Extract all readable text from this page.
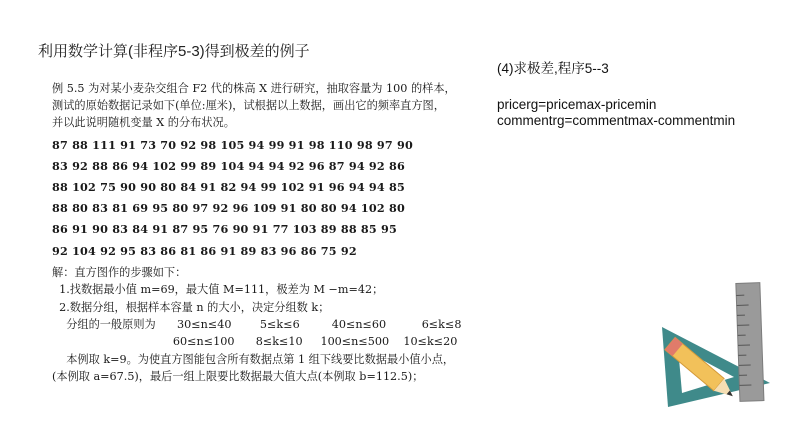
利用数学计算(非程序5-3)得到极差的例子
(4)求极差,程序5--3
pricerg=pricemax-pricemin
commentrg=commentmax-commentmin

例 5.5 为对某小麦杂交组合 F2 代的株高 X 进行研究，抽取容量为 100 的样本，

测试的原始数据记录如下(单位:厘米)，试根据以上数据，画出它的频率直方图，

并以此说明随机变量 X 的分布状况。

87 88 111 91 73 70 92 98 105 94 99 91 98 110 98 97 90

83 92 88 86 94 102 99 89 104 94 94 92 96 87 94 92 86

88 102 75 90 90 80 84 91 82 94 99 102 91 96 94 94 85

88 80 83 81 69 95 80 97 92 96 109 91 80 80 94 102 80

86 91 90 83 84 91 87 95 76 90 91 77 103 89 88 85 95

92 104 92 95 83 86 81 86 91 89 83 96 86 75 92

解：直方图作的步骤如下：

1.找数据最小值 m=69，最大值 M=111，极差为 M −m=42；

2.数据分组，根据样本容量 n 的大小，决定分组数 k；

分组的一般原则为      30≤n≤40        5≤k≤6         40≤n≤60          6≤k≤8

60≤n≤100      8≤k≤10     100≤n≤500    10≤k≤20

本例取 k=9。为使直方图能包含所有数据点第 1 组下线要比数据最小值小点，

(本例取 a=67.5)，最后一组上限要比数据最大值大点(本例取 b=112.5)；
